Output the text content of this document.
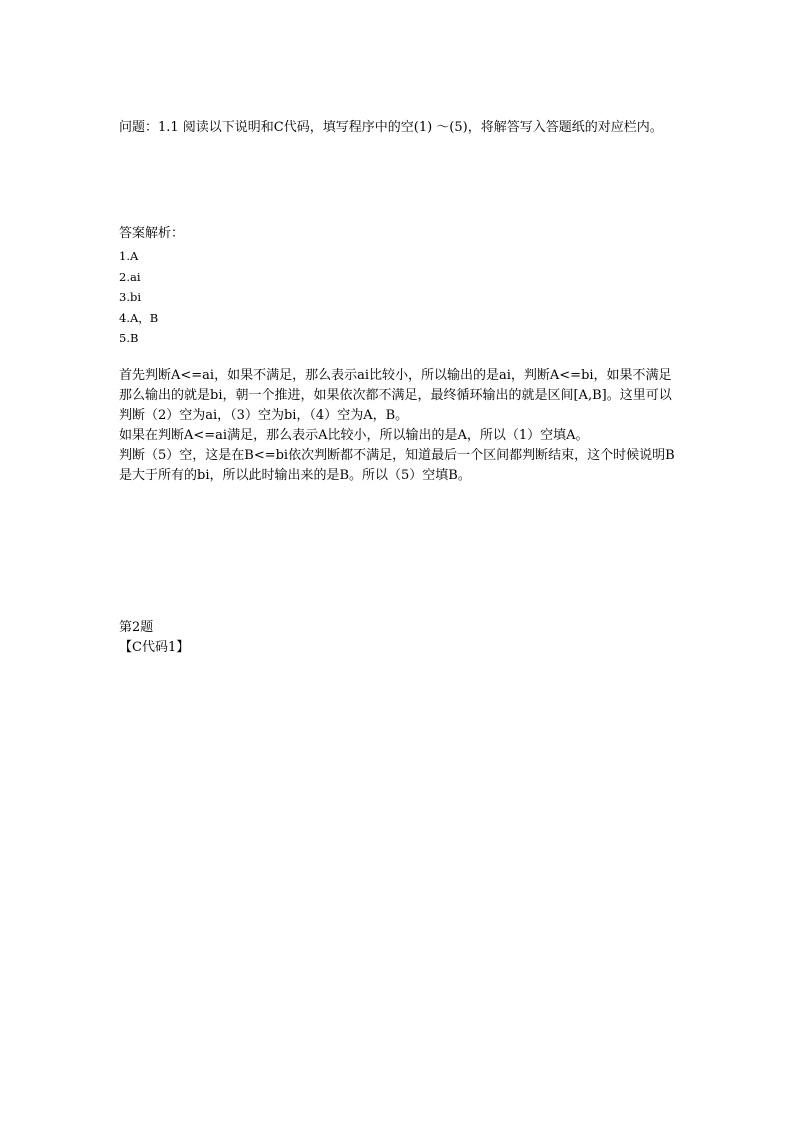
问题：1.1 阅读以下说明和C代码，填写程序中的空(1) ～(5)，将解答写入答题纸的对应栏内。
答案解析：
1.A
2.ai
3.bi
4.A，B
5.B

首先判断A<=ai，如果不满足，那么表示ai比较小，所以输出的是ai，判断A<=bi，如果不满足那么输出的就是bi，朝一个推进，如果依次都不满足，最终循环输出的就是区间[A,B]。这里可以判断（2）空为ai，（3）空为bi，（4）空为A，B。

如果在判断A<=ai满足，那么表示A比较小，所以输出的是A，所以（1）空填A。

判断（5）空，这是在B<=bi依次判断都不满足，知道最后一个区间都判断结束，这个时候说明B是大于所有的bi，所以此时输出来的是B。所以（5）空填B。

第2题
【C代码1】
